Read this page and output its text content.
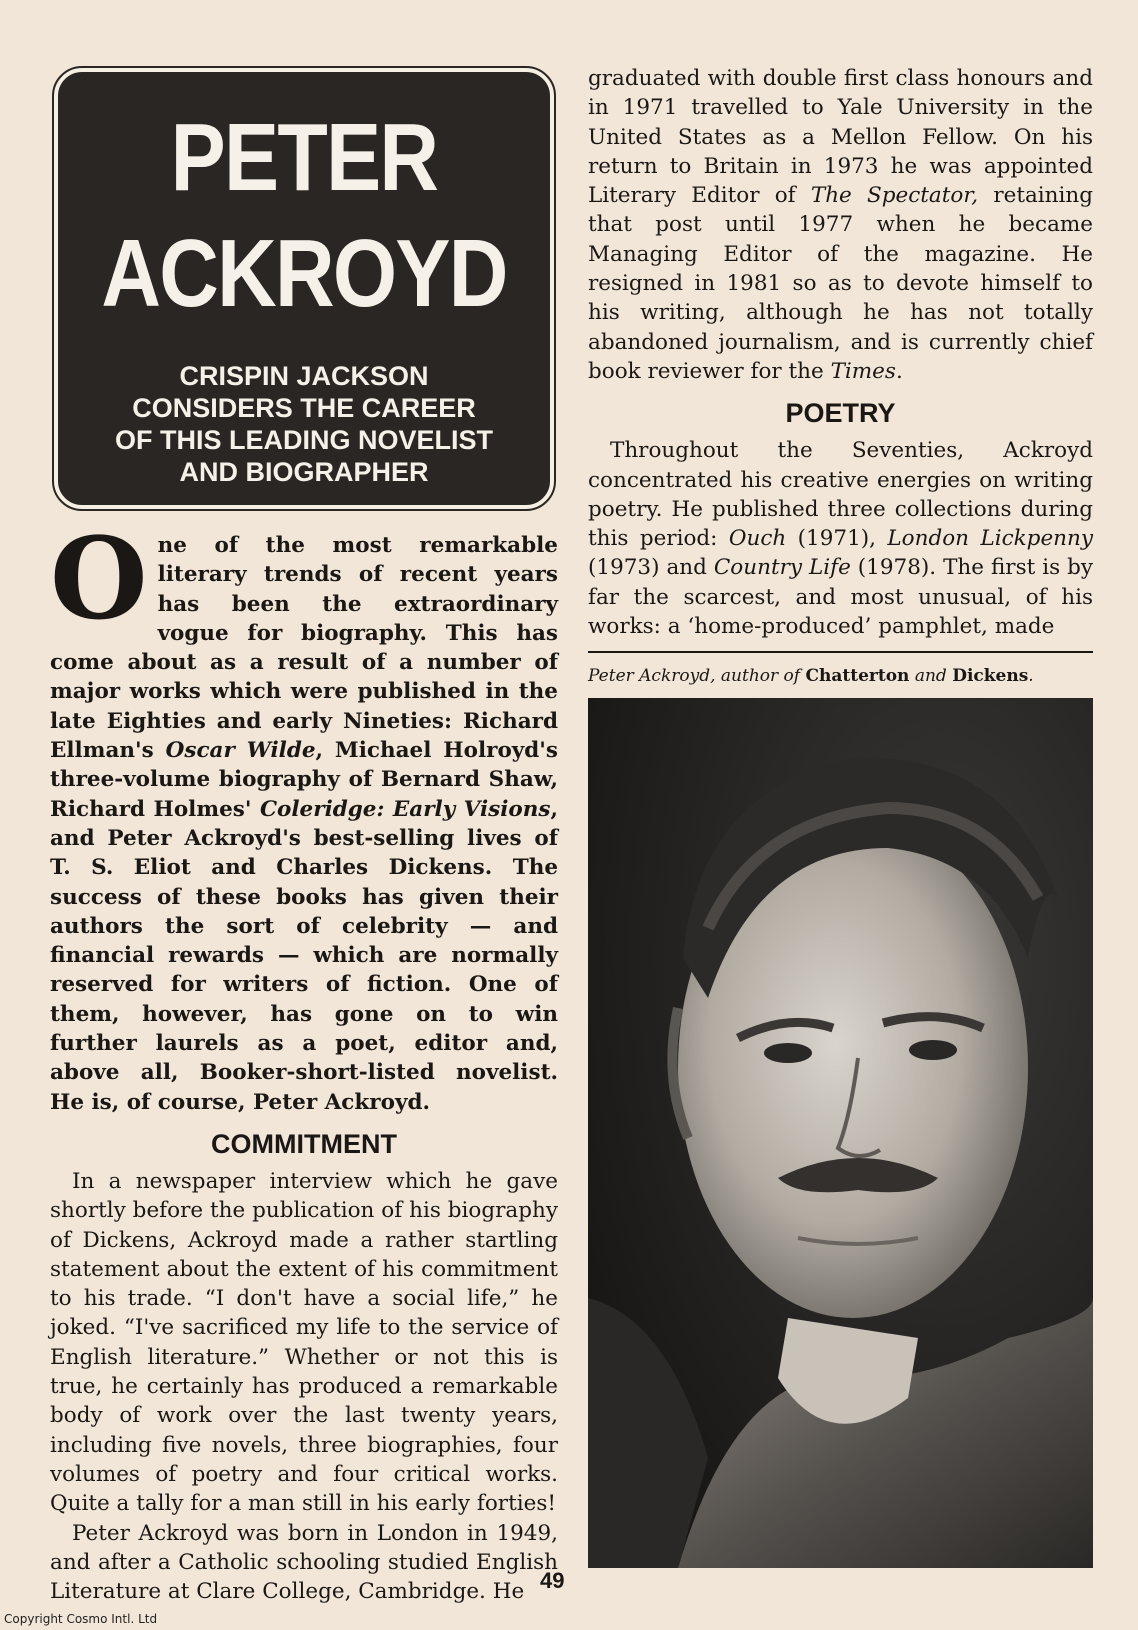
PETER
ACKROYD
CRISPIN JACKSON
CONSIDERS THE CAREER
OF THIS LEADING NOVELIST
AND BIOGRAPHER
O ne of the most remarkable literary trends of recent years has been the extraordinary vogue for biography. This has come about as a result of a number of major works which were published in the late Eighties and early Nineties: Richard Ellman's Oscar Wilde, Michael Holroyd's three-volume biography of Bernard Shaw, Richard Holmes' Coleridge: Early Visions, and Peter Ackroyd's best-selling lives of T. S. Eliot and Charles Dickens. The success of these books has given their authors the sort of celebrity — and financial rewards — which are normally reserved for writers of fiction. One of them, however, has gone on to win further laurels as a poet, editor and, above all, Booker-short-listed novelist. He is, of course, Peter Ackroyd.

COMMITMENT

In a newspaper interview which he gave shortly before the publication of his biography of Dickens, Ackroyd made a rather startling statement about the extent of his commitment to his trade. “I don't have a social life,” he joked. “I've sacrificed my life to the service of English literature.” Whether or not this is true, he certainly has produced a remarkable body of work over the last twenty years, including five novels, three biographies, four volumes of poetry and four critical works. Quite a tally for a man still in his early forties!

Peter Ackroyd was born in London in 1949, and after a Catholic schooling studied English Literature at Clare College, Cambridge. He

graduated with double first class honours and in 1971 travelled to Yale University in the United States as a Mellon Fellow. On his return to Britain in 1973 he was appointed Literary Editor of The Spectator, retaining that post until 1977 when he became Managing Editor of the magazine. He resigned in 1981 so as to devote himself to his writing, although he has not totally abandoned journalism, and is currently chief book reviewer for the Times.

POETRY

Throughout the Seventies, Ackroyd concentrated his creative energies on writing poetry. He published three collections during this period: Ouch (1971), London Lickpenny (1973) and Country Life (1978). The first is by far the scarcest, and most unusual, of his works: a ‘home-produced’ pamphlet, made

Peter Ackroyd, author of Chatterton and Dickens.
49
Copyright Cosmo Intl. Ltd
